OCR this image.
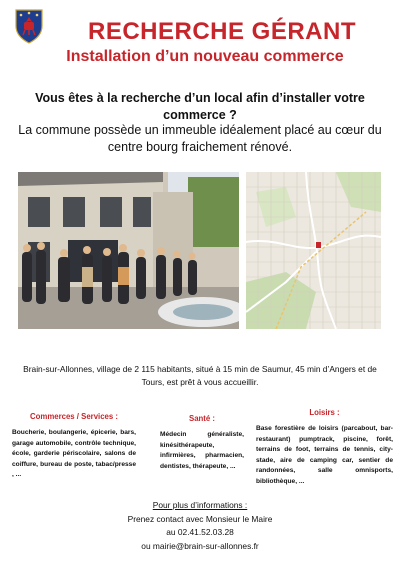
RECHERCHE GÉRANT
Installation d’un nouveau commerce
Vous êtes à la recherche d’un local afin d’installer votre commerce ?
La commune possède un immeuble idéalement placé au cœur du centre bourg fraichement rénové.
Brain-sur-Allonnes, village de 2 115 habitants, situé à 15 min de Saumur, 45 min d’Angers et de Tours, est prêt à vous accueillir.
Commerces / Services :

Boucherie, boulangerie, épicerie, bars, garage automobile, contrôle technique, école, garderie périscolaire, salons de coiffure, bureau de poste, tabac/presse , ...

Santé :

Médecin généraliste, kinésithérapeute, infirmières, pharmacien, dentistes, thérapeute, ...

Loisirs :

Base forestière de loisirs (parcabout, bar-restaurant) pumptrack, piscine, forêt, terrains de foot, terrains de tennis, city-stade, aire de camping car, sentier de randonnées, salle omnisports, bibliothèque, ...

Pour plus d’informations :
Prenez contact avec Monsieur le Maire
au 02.41.52.03.28
ou mairie@brain-sur-allonnes.fr
